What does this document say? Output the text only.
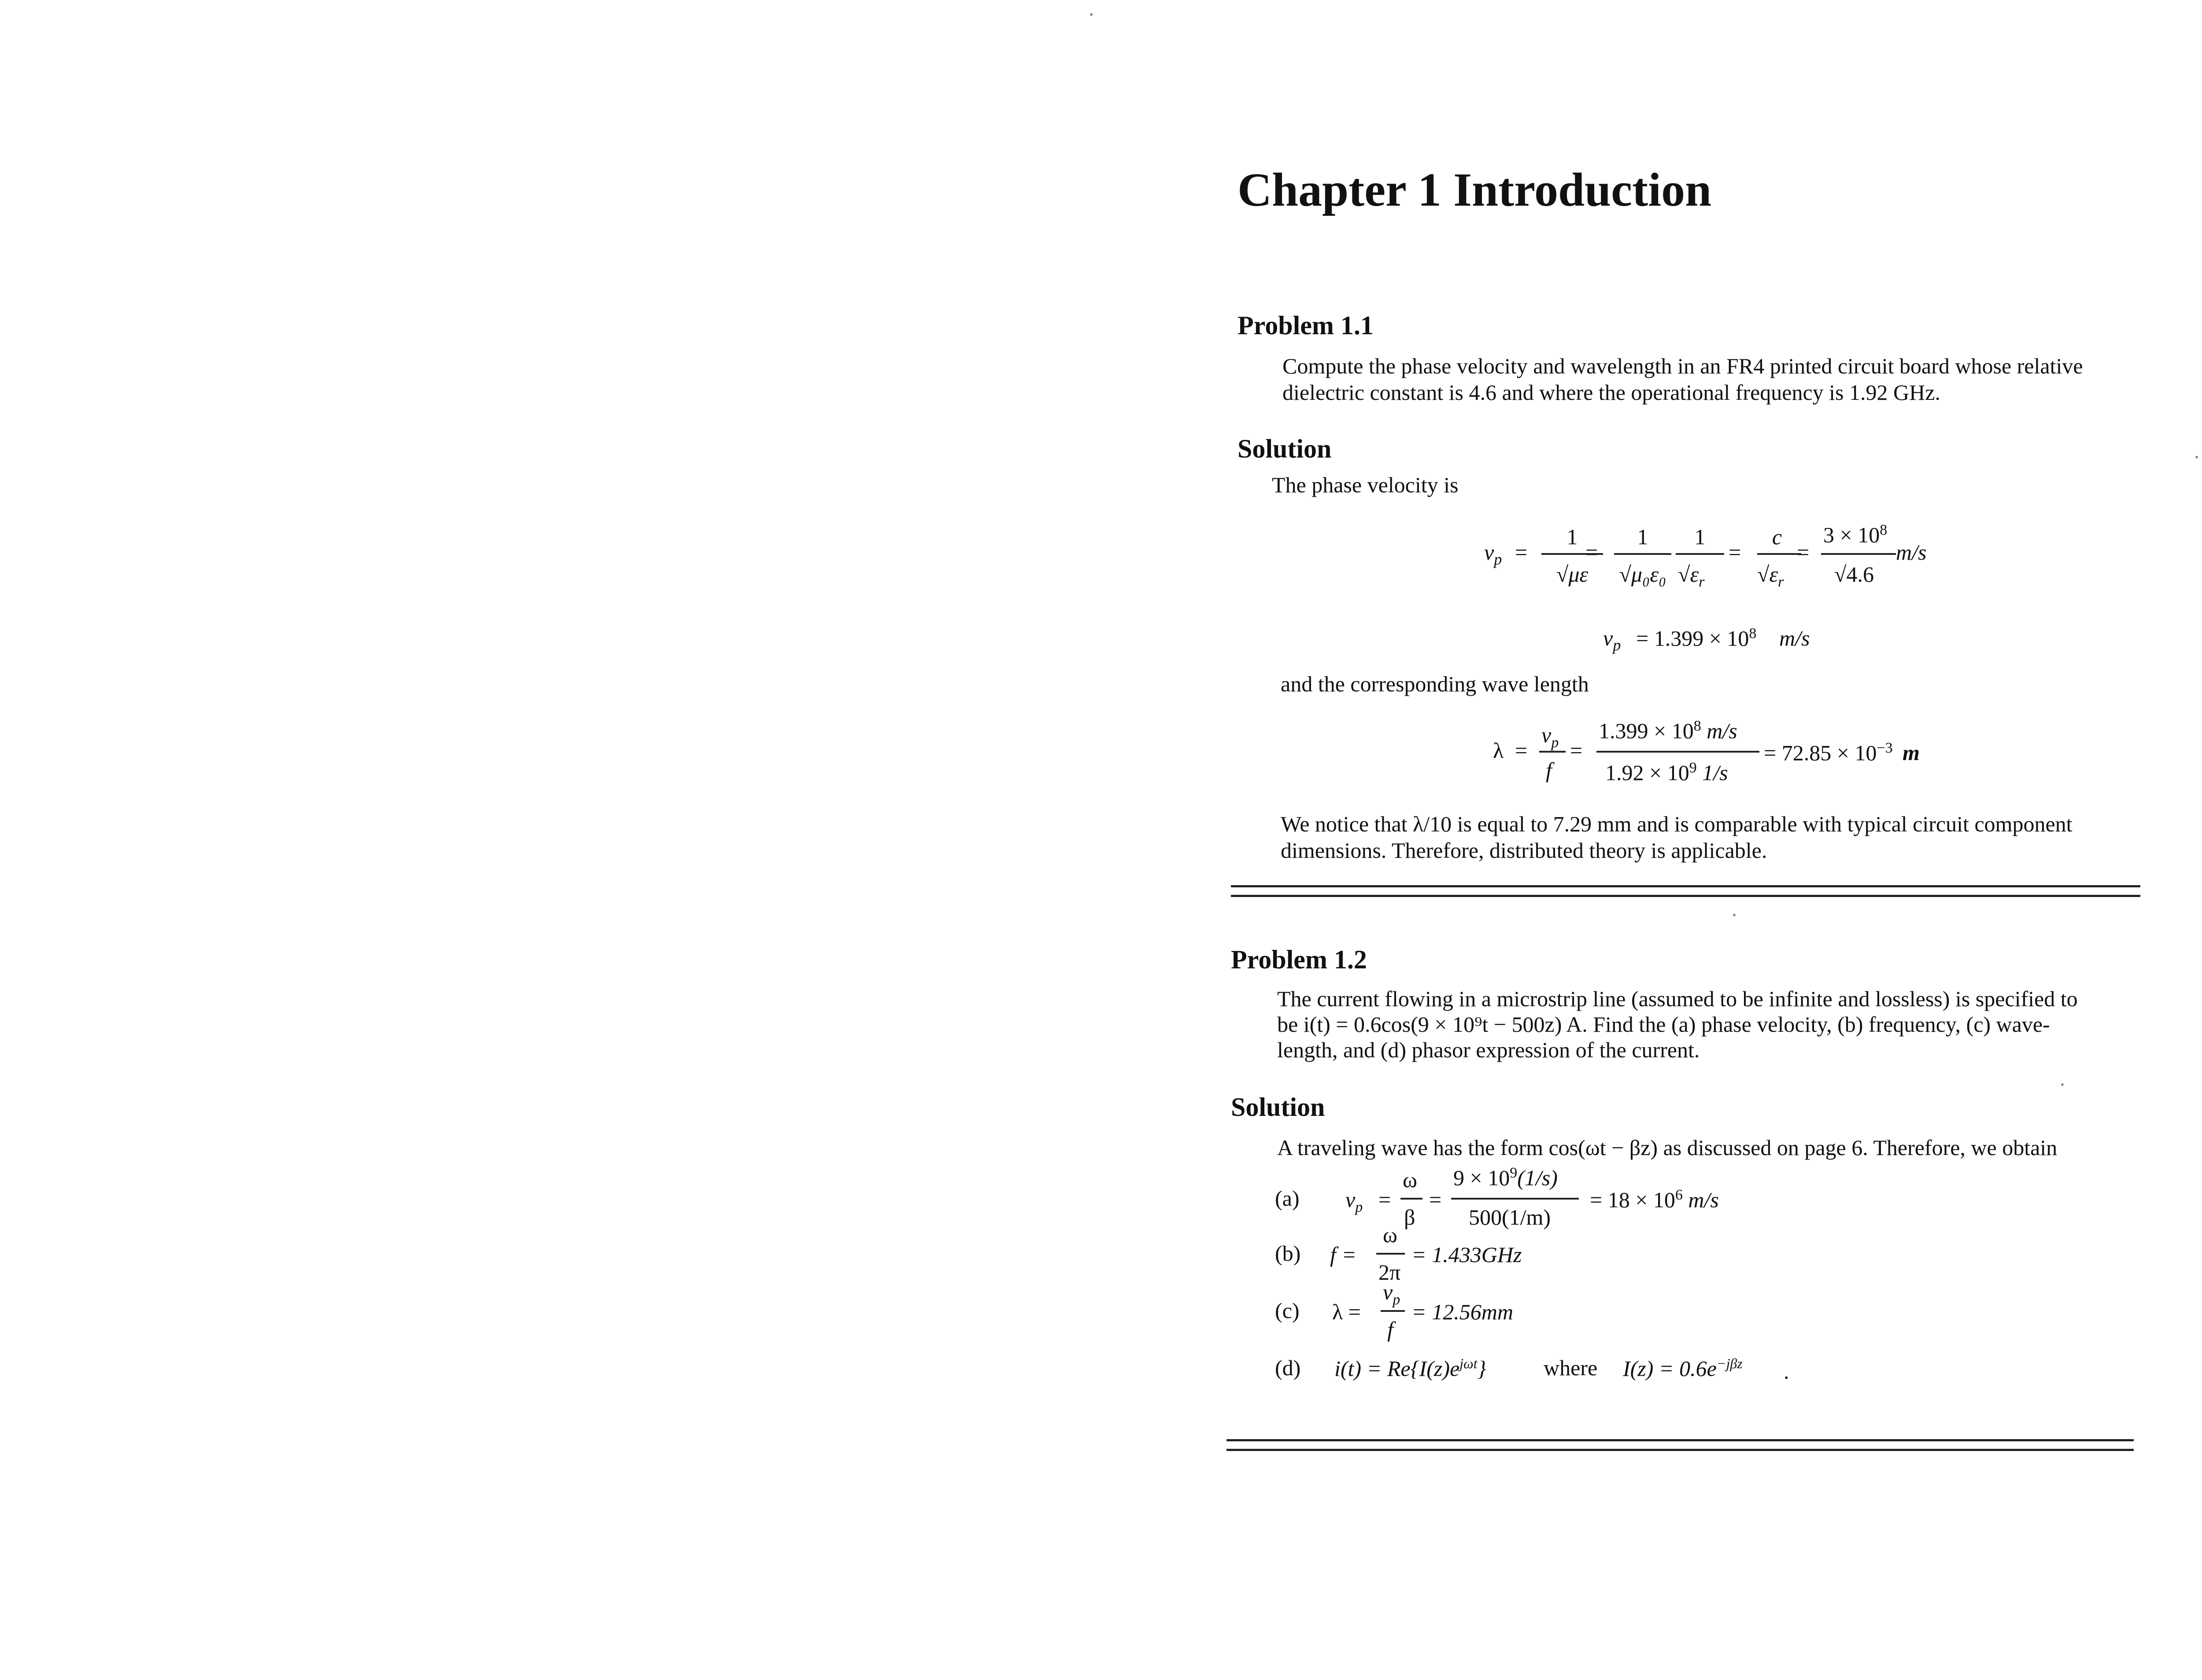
Chapter 1 Introduction
Problem 1.1
Compute the phase velocity and wavelength in an FR4 printed circuit board whose relative
dielectric constant is 4.6 and where the operational frequency is 1.92 GHz.
Solution
The phase velocity is
$v_p$ =
1
√με
=
1
√μ₀ε₀
1
$√\varepsilon_r$
=
c
$√\varepsilon_r$
=
$3 \times 10^8$
√4.6
m/s
$v_p = 1.399 \times 10^8$ m/s
and the corresponding wave length
λ =
$v_p$
f
=
$1.399 \times 10^8$ m/s
$1.92 \times 10^9$ 1/s
= $72.85 \times 10^{-3}$ m
We notice that λ/10 is equal to 7.29 mm and is comparable with typical circuit component
dimensions. Therefore, distributed theory is applicable.
Problem 1.2
The current flowing in a microstrip line (assumed to be infinite and lossless) is specified to
be i(t) = 0.6cos(9 × 10⁹t − 500z) A. Find the (a) phase velocity, (b) frequency, (c) wave-
length, and (d) phasor expression of the current.
Solution
A traveling wave has the form cos(ωt − βz) as discussed on page 6. Therefore, we obtain
(a) $v_p$ =
ω
β
=
$9 \times 10^9(1/s)$
500(1/m)
= $18 \times 10^6$ m/s
(b) f =
ω
2π
= 1.433GHz
(c) λ =
$v_p$
f
= 12.56mm
(d) $i(t) = Re\{I(z)e^{j\omega t}\}$	where $I(z) = 0.6e^{-j\beta z}$ .
